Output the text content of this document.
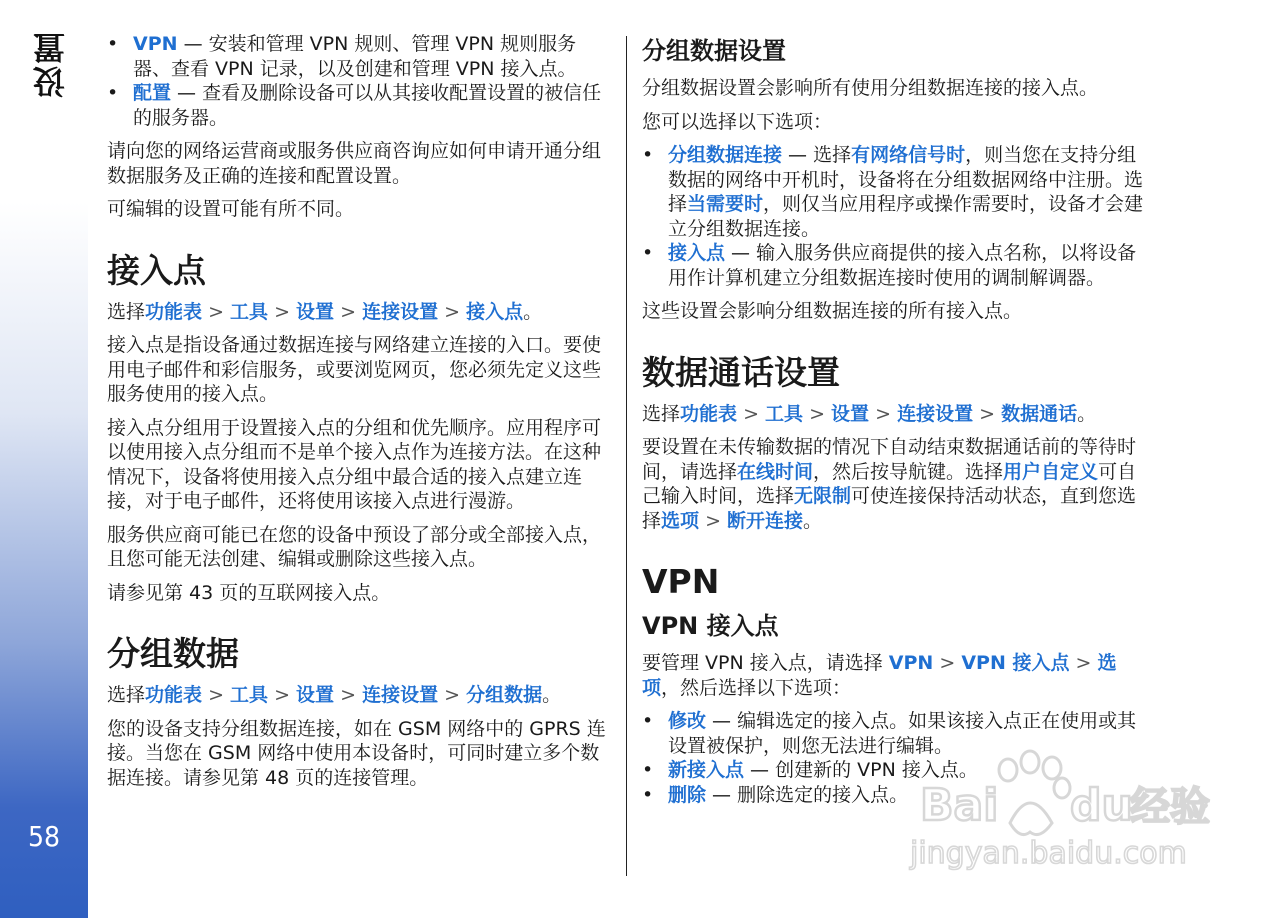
设置
58
• VPN — 安装和管理 VPN 规则、管理 VPN 规则服务器、查看 VPN 记录，以及创建和管理 VPN 接入点。
• 配置 — 查看及删除设备可以从其接收配置设置的被信任的服务器。

请向您的网络运营商或服务供应商咨询应如何申请开通分组数据服务及正确的连接和配置设置。

可编辑的设置可能有所不同。

接入点

选择功能表 > 工具 > 设置 > 连接设置 > 接入点。

接入点是指设备通过数据连接与网络建立连接的入口。要使用电子邮件和彩信服务，或要浏览网页，您必须先定义这些服务使用的接入点。

接入点分组用于设置接入点的分组和优先顺序。应用程序可以使用接入点分组而不是单个接入点作为连接方法。在这种情况下，设备将使用接入点分组中最合适的接入点建立连接，对于电子邮件，还将使用该接入点进行漫游。

服务供应商可能已在您的设备中预设了部分或全部接入点，且您可能无法创建、编辑或删除这些接入点。

请参见第 43 页的互联网接入点。

分组数据

选择功能表 > 工具 > 设置 > 连接设置 > 分组数据。

您的设备支持分组数据连接，如在 GSM 网络中的 GPRS 连接。当您在 GSM 网络中使用本设备时，可同时建立多个数据连接。请参见第 48 页的连接管理。

分组数据设置

分组数据设置会影响所有使用分组数据连接的接入点。

您可以选择以下选项：

• 分组数据连接 — 选择有网络信号时，则当您在支持分组数据的网络中开机时，设备将在分组数据网络中注册。选择当需要时，则仅当应用程序或操作需要时，设备才会建立分组数据连接。
• 接入点 — 输入服务供应商提供的接入点名称，以将设备用作计算机建立分组数据连接时使用的调制解调器。

这些设置会影响分组数据连接的所有接入点。

数据通话设置

选择功能表 > 工具 > 设置 > 连接设置 > 数据通话。

要设置在未传输数据的情况下自动结束数据通话前的等待时间，请选择在线时间，然后按导航键。选择用户自定义可自己输入时间，选择无限制可使连接保持活动状态，直到您选择选项 > 断开连接。

VPN
VPN 接入点

要管理 VPN 接入点，请选择 VPN > VPN 接入点 > 选项，然后选择以下选项：

• 修改 — 编辑选定的接入点。如果该接入点正在使用或其设置被保护，则您无法进行编辑。
• 新接入点 — 创建新的 VPN 接入点。
• 删除 — 删除选定的接入点。 Bai du
经验
jingyan.baidu.com
